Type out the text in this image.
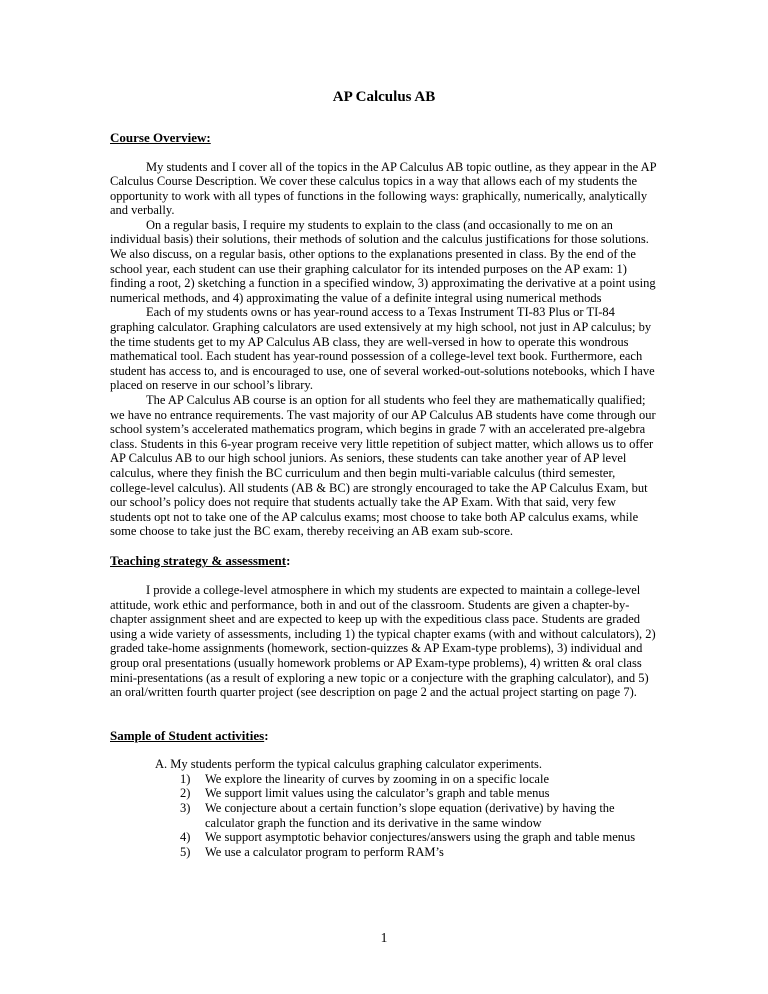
AP Calculus AB
Course Overview:

My students and I cover all of the topics in the AP Calculus AB topic outline, as they appear in the AP Calculus Course Description. We cover these calculus topics in a way that allows each of my students the opportunity to work with all types of functions in the following ways: graphically, numerically, analytically and verbally.

On a regular basis, I require my students to explain to the class (and occasionally to me on an individual basis) their solutions, their methods of solution and the calculus justifications for those solutions. We also discuss, on a regular basis, other options to the explanations presented in class. By the end of the school year, each student can use their graphing calculator for its intended purposes on the AP exam: 1) finding a root, 2) sketching a function in a specified window, 3) approximating the derivative at a point using numerical methods, and 4) approximating the value of a definite integral using numerical methods

Each of my students owns or has year-round access to a Texas Instrument TI-83 Plus or TI-84 graphing calculator. Graphing calculators are used extensively at my high school, not just in AP calculus; by the time students get to my AP Calculus AB class, they are well-versed in how to operate this wondrous mathematical tool. Each student has year-round possession of a college-level text book. Furthermore, each student has access to, and is encouraged to use, one of several worked-out-solutions notebooks, which I have placed on reserve in our school’s library.

The AP Calculus AB course is an option for all students who feel they are mathematically qualified; we have no entrance requirements. The vast majority of our AP Calculus AB students have come through our school system’s accelerated mathematics program, which begins in grade 7 with an accelerated pre-algebra class. Students in this 6-year program receive very little repetition of subject matter, which allows us to offer AP Calculus AB to our high school juniors. As seniors, these students can take another year of AP level calculus, where they finish the BC curriculum and then begin multi-variable calculus (third semester, college-level calculus). All students (AB & BC) are strongly encouraged to take the AP Calculus Exam, but our school’s policy does not require that students actually take the AP Exam. With that said, very few students opt not to take one of the AP calculus exams; most choose to take both AP calculus exams, while some choose to take just the BC exam, thereby receiving an AB exam sub-score.

Teaching strategy & assessment:

I provide a college-level atmosphere in which my students are expected to maintain a college-level attitude, work ethic and performance, both in and out of the classroom. Students are given a chapter-by-chapter assignment sheet and are expected to keep up with the expeditious class pace. Students are graded using a wide variety of assessments, including 1) the typical chapter exams (with and without calculators), 2) graded take-home assignments (homework, section-quizzes & AP Exam-type problems), 3) individual and group oral presentations (usually homework problems or AP Exam-type problems), 4) written & oral class mini-presentations (as a result of exploring a new topic or a conjecture with the graphing calculator), and 5) an oral/written fourth quarter project (see description on page 2 and the actual project starting on page 7).

Sample of Student activities:

A. My students perform the typical calculus graphing calculator experiments.

1)	We explore the linearity of curves by zooming in on a specific locale
2)	We support limit values using the calculator’s graph and table menus
3)	We conjecture about a certain function’s slope equation (derivative) by having the calculator graph the function and its derivative in the same window
4)	We support asymptotic behavior conjectures/answers using the graph and table menus
5)	We use a calculator program to perform RAM’s
1
